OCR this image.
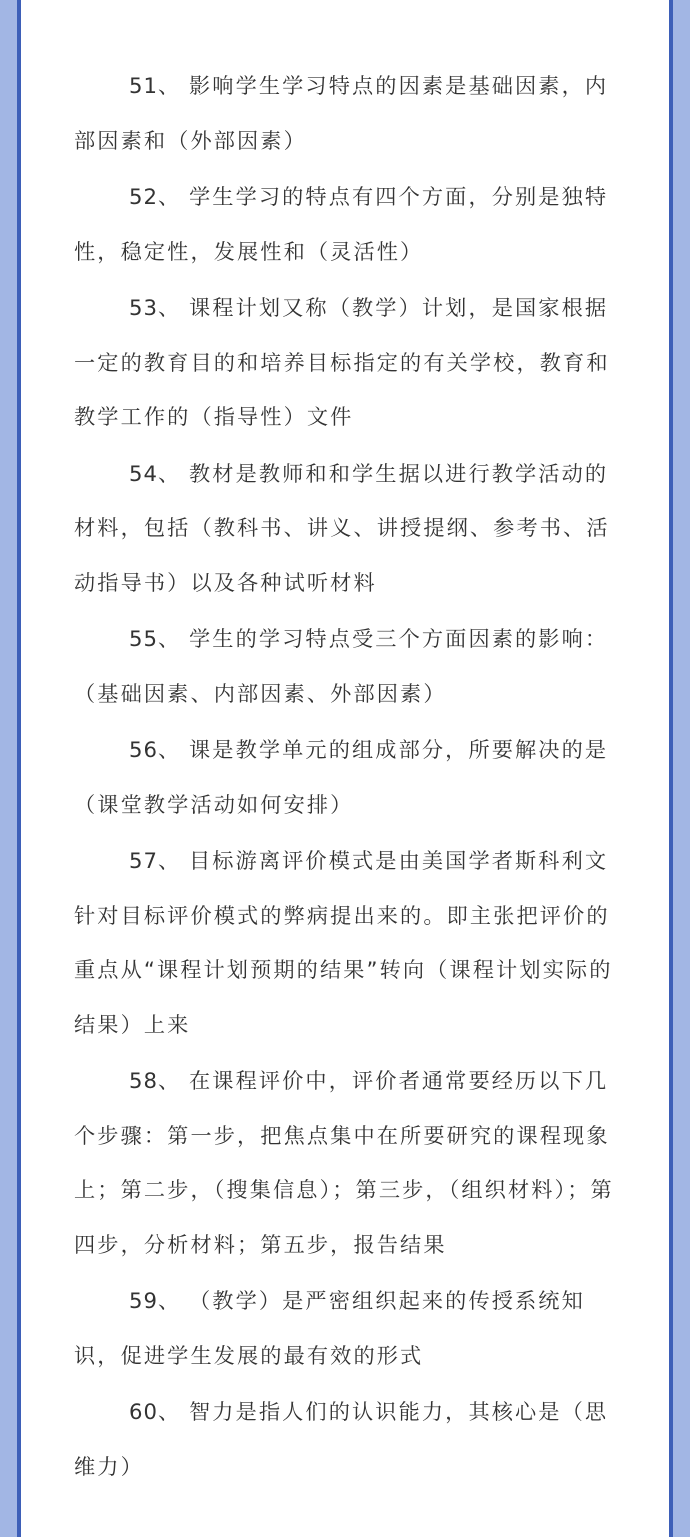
51、 影响学生学习特点的因素是基础因素，内部因素和（外部因素）

52、 学生学习的特点有四个方面，分别是独特性，稳定性，发展性和（灵活性）

53、 课程计划又称（教学）计划，是国家根据一定的教育目的和培养目标指定的有关学校，教育和教学工作的（指导性）文件

54、 教材是教师和和学生据以进行教学活动的材料，包括（教科书、讲义、讲授提纲、参考书、活动指导书）以及各种试听材料

55、 学生的学习特点受三个方面因素的影响：（基础因素、内部因素、外部因素）

56、 课是教学单元的组成部分，所要解决的是（课堂教学活动如何安排）

57、 目标游离评价模式是由美国学者斯科利文针对目标评价模式的弊病提出来的。即主张把评价的重点从“课程计划预期的结果”转向（课程计划实际的结果）上来

58、 在课程评价中，评价者通常要经历以下几个步骤：第一步，把焦点集中在所要研究的课程现象上；第二步，（搜集信息）；第三步，（组织材料）；第四步，分析材料；第五步，报告结果

59、 （教学）是严密组织起来的传授系统知识，促进学生发展的最有效的形式

60、 智力是指人们的认识能力，其核心是（思维力）
